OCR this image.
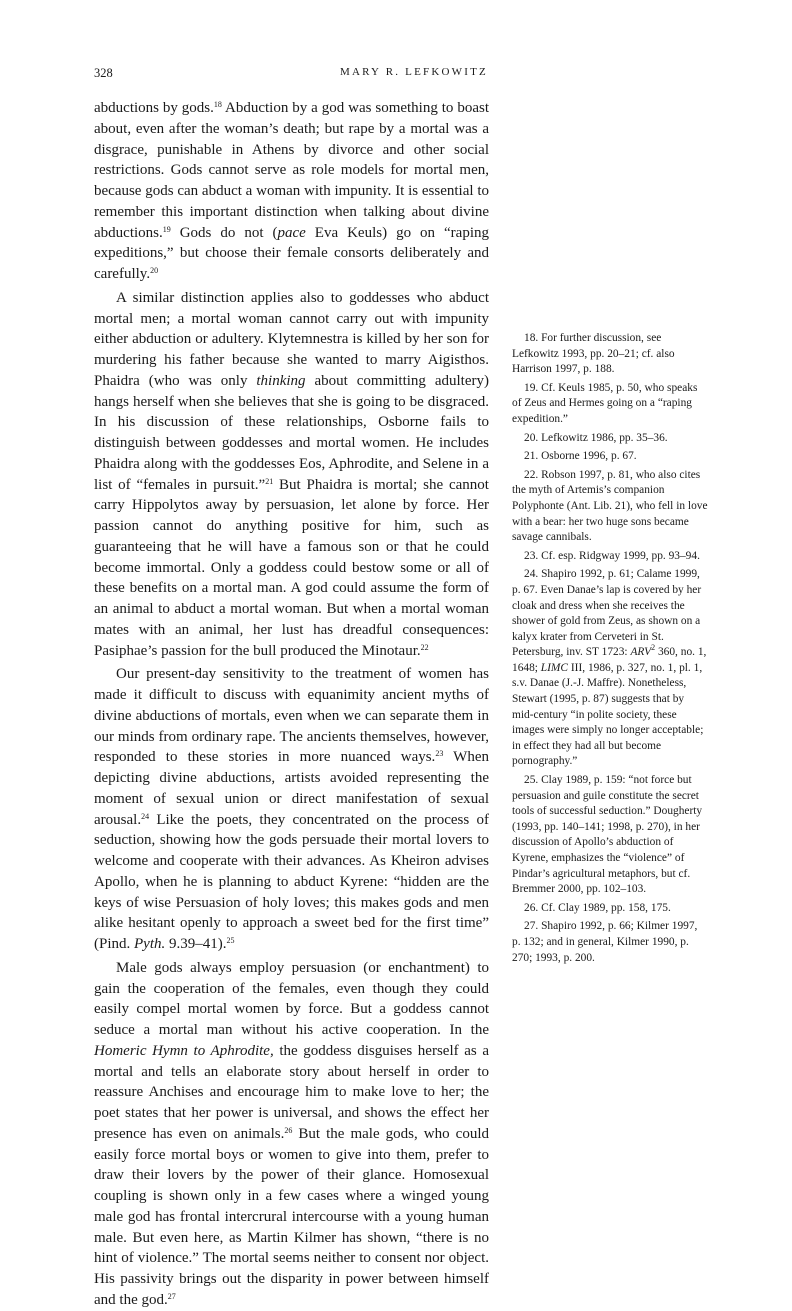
328	MARY R. LEFKOWITZ

abductions by gods.$^{18}$ Abduction by a god was something to boast about, even after the woman’s death; but rape by a mortal was a disgrace, punishable in Athens by divorce and other social restrictions. Gods cannot serve as role models for mortal men, because gods can abduct a woman with impunity. It is essential to remember this important distinction when talking about divine abductions.$^{19}$ Gods do not (pace Eva Keuls) go on “raping expeditions,” but choose their female consorts deliberately and carefully.$^{20}$

A similar distinction applies also to goddesses who abduct mortal men; a mortal woman cannot carry out with impunity either abduction or adultery. Klytemnestra is killed by her son for murdering his father because she wanted to marry Aigisthos. Phaidra (who was only thinking about committing adultery) hangs herself when she believes that she is going to be disgraced. In his discussion of these relationships, Osborne fails to distinguish between goddesses and mortal women. He includes Phaidra along with the goddesses Eos, Aphrodite, and Selene in a list of “females in pursuit.”$^{21}$ But Phaidra is mortal; she cannot carry Hippolytos away by persuasion, let alone by force. Her passion cannot do anything positive for him, such as guaranteeing that he will have a famous son or that he could become immortal. Only a goddess could bestow some or all of these benefits on a mortal man. A god could assume the form of an animal to abduct a mortal woman. But when a mortal woman mates with an animal, her lust has dreadful consequences: Pasiphae’s passion for the bull produced the Minotaur.$^{22}$

Our present-day sensitivity to the treatment of women has made it difficult to discuss with equanimity ancient myths of divine abductions of mortals, even when we can separate them in our minds from ordinary rape. The ancients themselves, however, responded to these stories in more nuanced ways.$^{23}$ When depicting divine abductions, artists avoided representing the moment of sexual union or direct manifestation of sexual arousal.$^{24}$ Like the poets, they concentrated on the process of seduction, showing how the gods persuade their mortal lovers to welcome and cooperate with their advances. As Kheiron advises Apollo, when he is planning to abduct Kyrene: “hidden are the keys of wise Persuasion of holy loves; this makes gods and men alike hesitant openly to approach a sweet bed for the first time” (Pind. Pyth. 9.39–41).$^{25}$

Male gods always employ persuasion (or enchantment) to gain the cooperation of the females, even though they could easily compel mortal women by force. But a goddess cannot seduce a mortal man without his active cooperation. In the Homeric Hymn to Aphrodite, the goddess disguises herself as a mortal and tells an elaborate story about herself in order to reassure Anchises and encourage him to make love to her; the poet states that her power is universal, and shows the effect her presence has even on animals.$^{26}$ But the male gods, who could easily force mortal boys or women to give into them, prefer to draw their lovers by the power of their glance. Homosexual coupling is shown only in a few cases where a winged young male god has frontal intercrural intercourse with a young human male. But even here, as Martin Kilmer has shown, “there is no hint of violence.” The mortal seems neither to consent nor object. His passivity brings out the disparity in power between himself and the god.$^{27}$

18. For further discussion, see Lefkowitz 1993, pp. 20–21; cf. also Harrison 1997, p. 188.

19. Cf. Keuls 1985, p. 50, who speaks of Zeus and Hermes going on a “raping expedition.”

20. Lefkowitz 1986, pp. 35–36.

21. Osborne 1996, p. 67.

22. Robson 1997, p. 81, who also cites the myth of Artemis’s companion Polyphonte (Ant. Lib. 21), who fell in love with a bear: her two huge sons became savage cannibals.

23. Cf. esp. Ridgway 1999, pp. 93–94.

24. Shapiro 1992, p. 61; Calame 1999, p. 67. Even Danae’s lap is covered by her cloak and dress when she receives the shower of gold from Zeus, as shown on a kalyx krater from Cerveteri in St. Petersburg, inv. ST 1723: ARV$^2$ 360, no. 1, 1648; LIMC III, 1986, p. 327, no. 1, pl. 1, s.v. Danae (J.-J. Maffre). Nonetheless, Stewart (1995, p. 87) suggests that by mid-century “in polite society, these images were simply no longer acceptable; in effect they had all but become pornography.”

25. Clay 1989, p. 159: “not force but persuasion and guile constitute the secret tools of successful seduction.” Dougherty (1993, pp. 140–141; 1998, p. 270), in her discussion of Apollo’s abduction of Kyrene, emphasizes the “violence” of Pindar’s agricultural metaphors, but cf. Bremmer 2000, pp. 102–103.

26. Cf. Clay 1989, pp. 158, 175.

27. Shapiro 1992, p. 66; Kilmer 1997, p. 132; and in general, Kilmer 1990, p. 270; 1993, p. 200.
